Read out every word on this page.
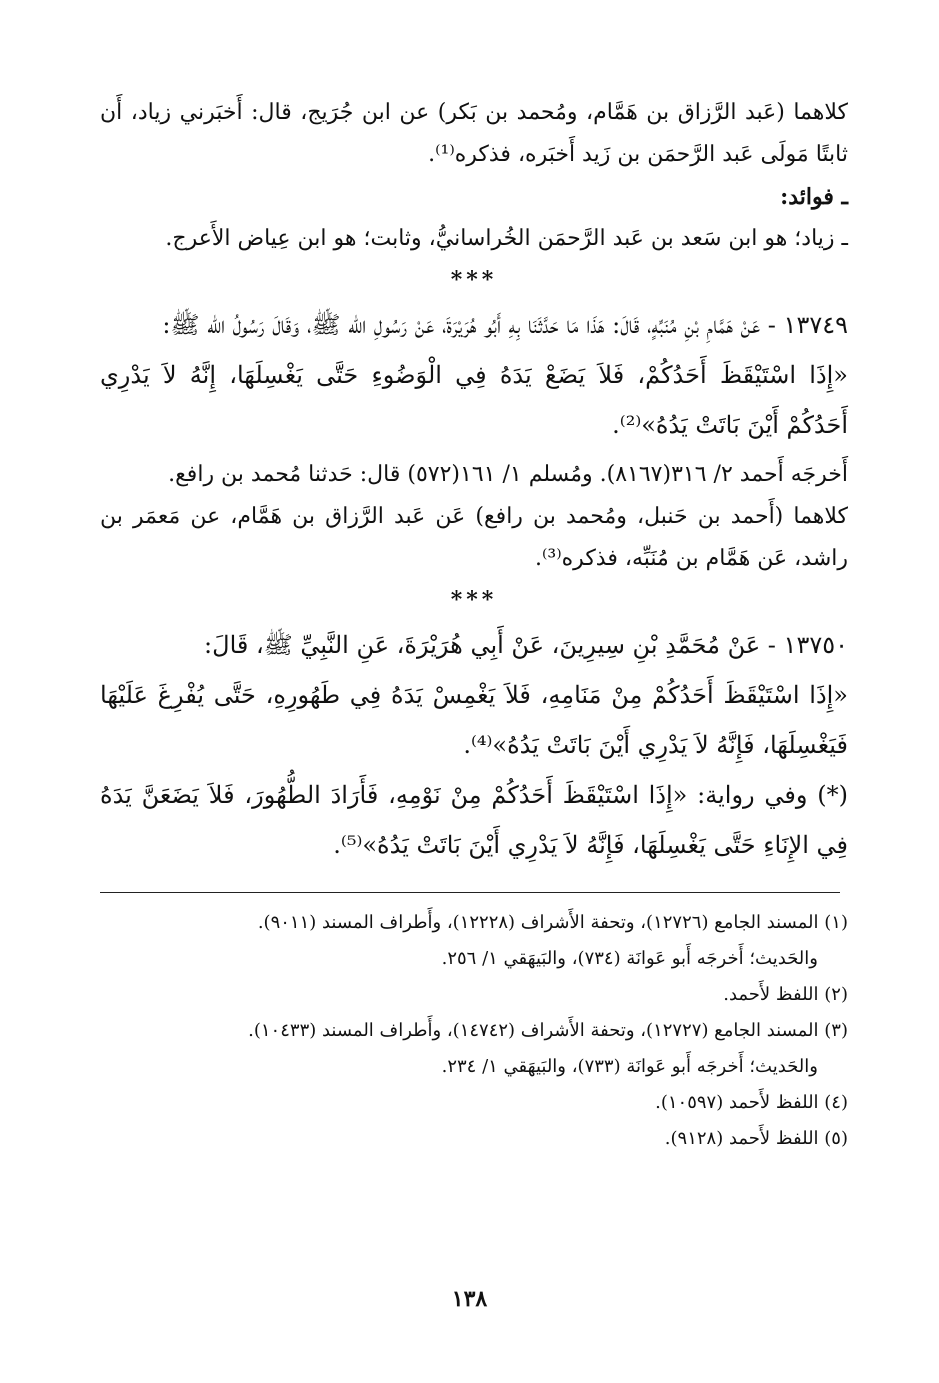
كلاهما (عَبد الرَّزاق بن هَمَّام، ومُحمد بن بَكر) عن ابن جُرَيج، قال: أَخبَرني زياد، أَن ثابتًا مَولَى عَبد الرَّحمَن بن زَيد أَخبَره، فذكره⁽¹⁾.

ـ فوائد:

ـ زياد؛ هو ابن سَعد بن عَبد الرَّحمَن الخُراسانيُّ، وثابت؛ هو ابن عِياض الأَعرج.

***

١٣٧٤٩ - عَنْ هَمَّامِ بْنِ مُنَبِّهٍ، قَالَ: هَذَا مَا حَدَّثَنَا بِهِ أَبُو هُرَيْرَةَ، عَنْ رَسُولِ الله ﷺ، وَقَالَ رَسُولُ الله ﷺ:

«إِذَا اسْتَيْقَظَ أَحَدُكُمْ، فَلاَ يَضَعْ يَدَهُ فِي الْوَضُوءِ حَتَّى يَغْسِلَهَا، إِنَّهُ لاَ يَدْرِي أَحَدُكُمْ أَيْنَ بَاتَتْ يَدُهُ»⁽²⁾.

أَخرجَه أَحمد ٢/ ٣١٦(٨١٦٧). ومُسلم ١/ ١٦١(٥٧٢) قال: حَدثنا مُحمد بن رافع.

كلاهما (أَحمد بن حَنبل، ومُحمد بن رافع) عَن عَبد الرَّزاق بن هَمَّام، عن مَعمَر بن راشد، عَن هَمَّام بن مُنَبِّه، فذكره⁽³⁾.

***

١٣٧٥٠ - عَنْ مُحَمَّدِ بْنِ سِيرِينَ، عَنْ أَبِي هُرَيْرَةَ، عَنِ النَّبِيِّ ﷺ، قَالَ:

«إِذَا اسْتَيْقَظَ أَحَدُكُمْ مِنْ مَنَامِهِ، فَلاَ يَغْمِسْ يَدَهُ فِي طَهُورِهِ، حَتَّى يُفْرِغَ عَلَيْهَا فَيَغْسِلَهَا، فَإِنَّهُ لاَ يَدْرِي أَيْنَ بَاتَتْ يَدُهُ»⁽⁴⁾.

(*) وفي رواية: «إِذَا اسْتَيْقَظَ أَحَدُكُمْ مِنْ نَوْمِهِ، فَأَرَادَ الطُّهُورَ، فَلاَ يَضَعَنَّ يَدَهُ فِي الإِنَاءِ حَتَّى يَغْسِلَهَا، فَإِنَّهُ لاَ يَدْرِي أَيْنَ بَاتَتْ يَدُهُ»⁽⁵⁾.

(١) المسند الجامع (١٢٧٢٦)، وتحفة الأَشراف (١٢٢٢٨)، وأَطراف المسند (٩٠١١).

والحَديث؛ أَخرجَه أَبو عَوانَة (٧٣٤)، والبَيهَقي ١/ ٢٥٦.

(٢) اللفظ لأَحمد.

(٣) المسند الجامع (١٢٧٢٧)، وتحفة الأَشراف (١٤٧٤٢)، وأَطراف المسند (١٠٤٣٣).

والحَديث؛ أَخرجَه أَبو عَوانَة (٧٣٣)، والبَيهَقي ١/ ٢٣٤.

(٤) اللفظ لأَحمد (١٠٥٩٧).

(٥) اللفظ لأَحمد (٩١٢٨).

١٣٨
